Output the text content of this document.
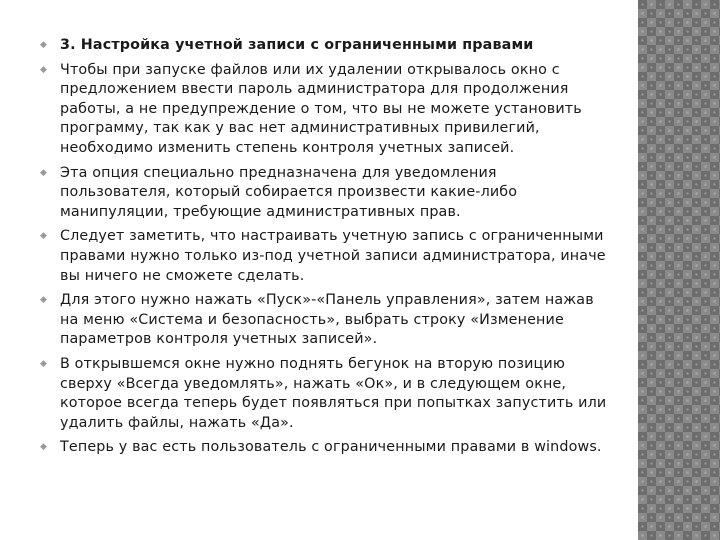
◆ 3. Настройка учетной записи с ограниченными правами
◆ Чтобы при запуске файлов или их удалении открывалось окно с предложением ввести пароль администратора для продолжения работы, а не предупреждение о том, что вы не можете установить программу, так как у вас нет административных привилегий, необходимо изменить степень контроля учетных записей.
◆ Эта опция специально предназначена для уведомления пользователя, который собирается произвести какие-либо манипуляции, требующие административных прав.
◆ Следует заметить, что настраивать учетную запись с ограниченными правами нужно только из-под учетной записи администратора, иначе вы ничего не сможете сделать.
◆ Для этого нужно нажать «Пуск»-«Панель управления», затем нажав на меню «Система и безопасность», выбрать строку «Изменение параметров контроля учетных записей».
◆ В открывшемся окне нужно поднять бегунок на вторую позицию сверху «Всегда уведомлять», нажать «Ок», и в следующем окне, которое всегда теперь будет появляться при попытках запустить или удалить файлы, нажать «Да».
◆ Теперь у вас есть пользователь с ограниченными правами в windows.
